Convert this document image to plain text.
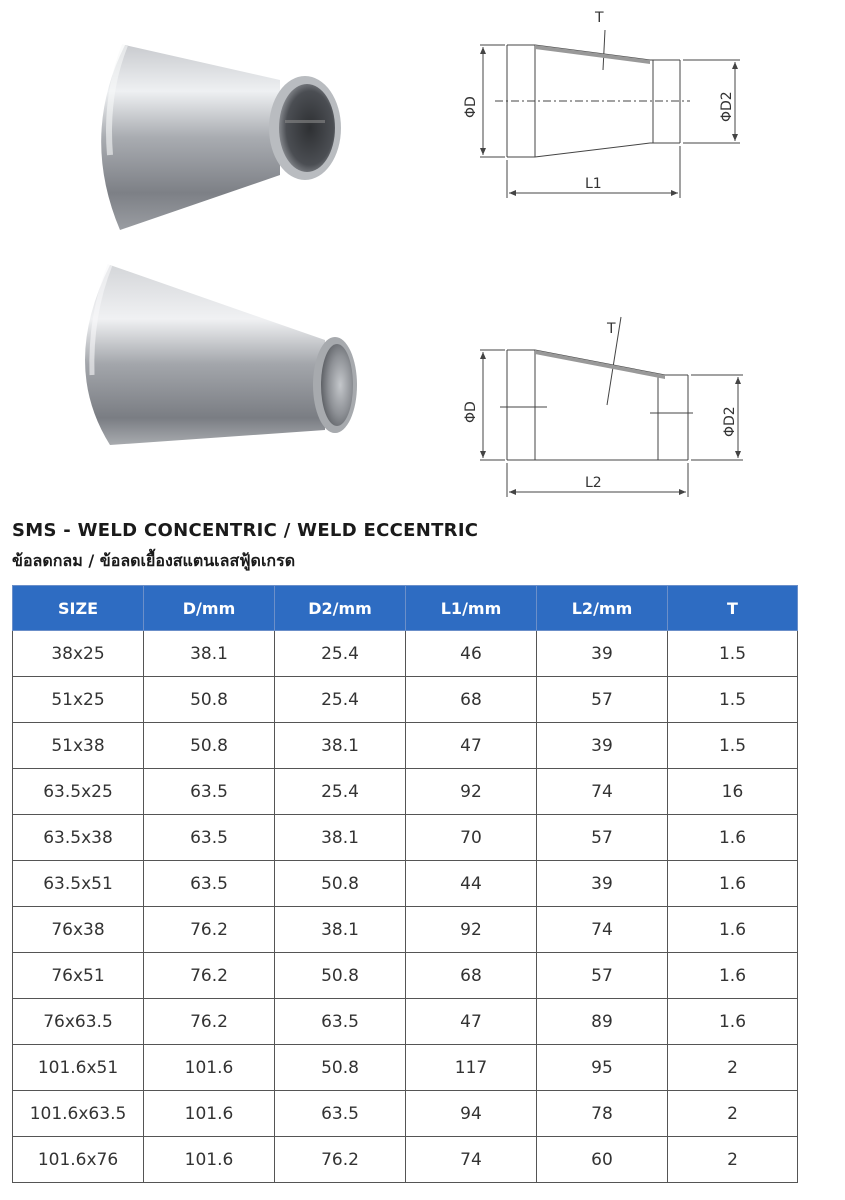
T
ΦD	ΦD2
L1
T
ΦD	ΦD2
L2
SMS - WELD CONCENTRIC / WELD ECCENTRIC
ข้อลดกลม / ข้อลดเยื้องสแตนเลสฟู้ดเกรด
SIZE	D/mm	D2/mm	L1/mm	L2/mm	T
38x25	38.1	25.4	46	39	1.5
51x25	50.8	25.4	68	57	1.5
51x38	50.8	38.1	47	39	1.5
63.5x25	63.5	25.4	92	74	16
63.5x38	63.5	38.1	70	57	1.6
63.5x51	63.5	50.8	44	39	1.6
76x38	76.2	38.1	92	74	1.6
76x51	76.2	50.8	68	57	1.6
76x63.5	76.2	63.5	47	89	1.6
101.6x51	101.6	50.8	117	95	2
101.6x63.5	101.6	63.5	94	78	2
101.6x76	101.6	76.2	74	60	2
